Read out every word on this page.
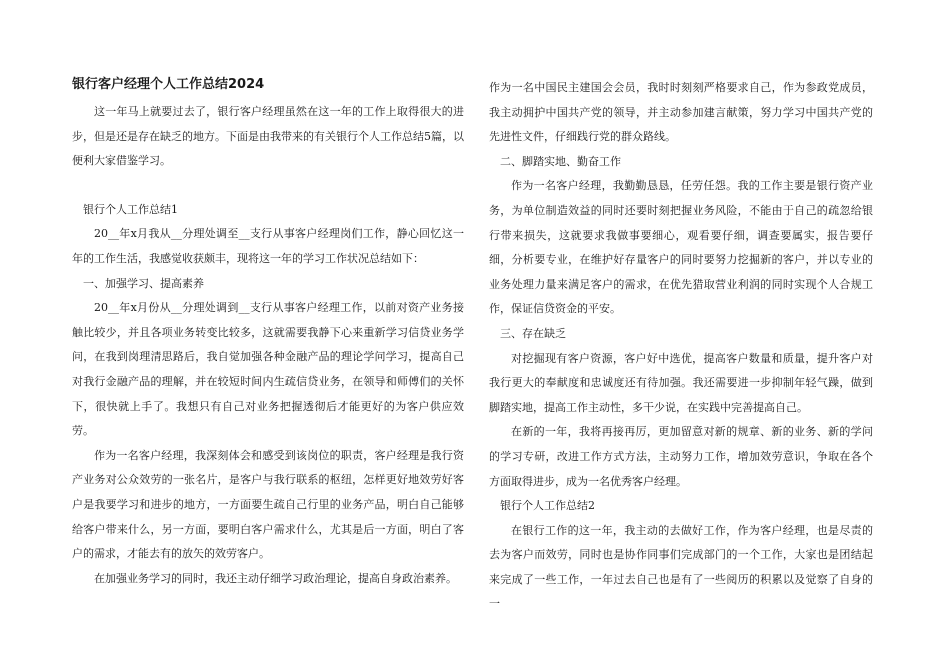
银行客户经理个人工作总结2024

这一年马上就要过去了，银行客户经理虽然在这一年的工作上取得很大的进步，但是还是存在缺乏的地方。下面是由我带来的有关银行个人工作总结5篇，以便利大家借鉴学习。

银行个人工作总结1

20__年x月我从__分理处调至__支行从事客户经理岗们工作，静心回忆这一年的工作生活，我感觉收获颇丰，现将这一年的学习工作状况总结如下：

一、加强学习、提高素养

20__年x月份从__分理处调到__支行从事客户经理工作，以前对资产业务接触比较少，并且各项业务转变比较多，这就需要我静下心来重新学习信贷业务学问，在我到岗理清思路后，我自觉加强各种金融产品的理论学问学习，提高自己对我行金融产品的理解，并在较短时间内生疏信贷业务，在领导和师傅们的关怀下，很快就上手了。我想只有自己对业务把握透彻后才能更好的为客户供应效劳。

作为一名客户经理，我深刻体会和感受到该岗位的职责，客户经理是我行资产业务对公众效劳的一张名片，是客户与我行联系的枢纽，怎样更好地效劳好客户是我要学习和进步的地方，一方面要生疏自己行里的业务产品，明白自己能够给客户带来什么，另一方面，要明白客户需求什么，尤其是后一方面，明白了客户的需求，才能去有的放矢的效劳客户。

在加强业务学习的同时，我还主动仔细学习政治理论，提高自身政治素养。

作为一名中国民主建国会会员，我时时刻刻严格要求自己，作为参政党成员，我主动拥护中国共产党的领导，并主动参加建言献策，努力学习中国共产党的先进性文件，仔细践行党的群众路线。

二、脚踏实地、勤奋工作

作为一名客户经理，我勤勤恳恳，任劳任怨。我的工作主要是银行资产业务，为单位制造效益的同时还要时刻把握业务风险，不能由于自己的疏忽给银行带来损失，这就要求我做事要细心，观看要仔细，调查要属实，报告要仔细，分析要专业，在维护好存量客户的同时要努力挖掘新的客户，并以专业的业务处理力量来满足客户的需求，在优先猎取营业利润的同时实现个人合规工作，保证信贷资金的平安。

三、存在缺乏

对挖掘现有客户资源，客户好中选优，提高客户数量和质量，提升客户对我行更大的奉献度和忠诚度还有待加强。我还需要进一步抑制年轻气躁，做到脚踏实地，提高工作主动性，多干少说，在实践中完善提高自己。

在新的一年，我将再接再厉，更加留意对新的规章、新的业务、新的学问的学习专研，改进工作方式方法，主动努力工作，增加效劳意识，争取在各个方面取得进步，成为一名优秀客户经理。

银行个人工作总结2

在银行工作的这一年，我主动的去做好工作，作为客户经理，也是尽责的去为客户而效劳，同时也是协作同事们完成部门的一个工作，大家也是团结起来完成了一些工作，一年过去自己也是有了一些阅历的积累以及觉察了自身的一
